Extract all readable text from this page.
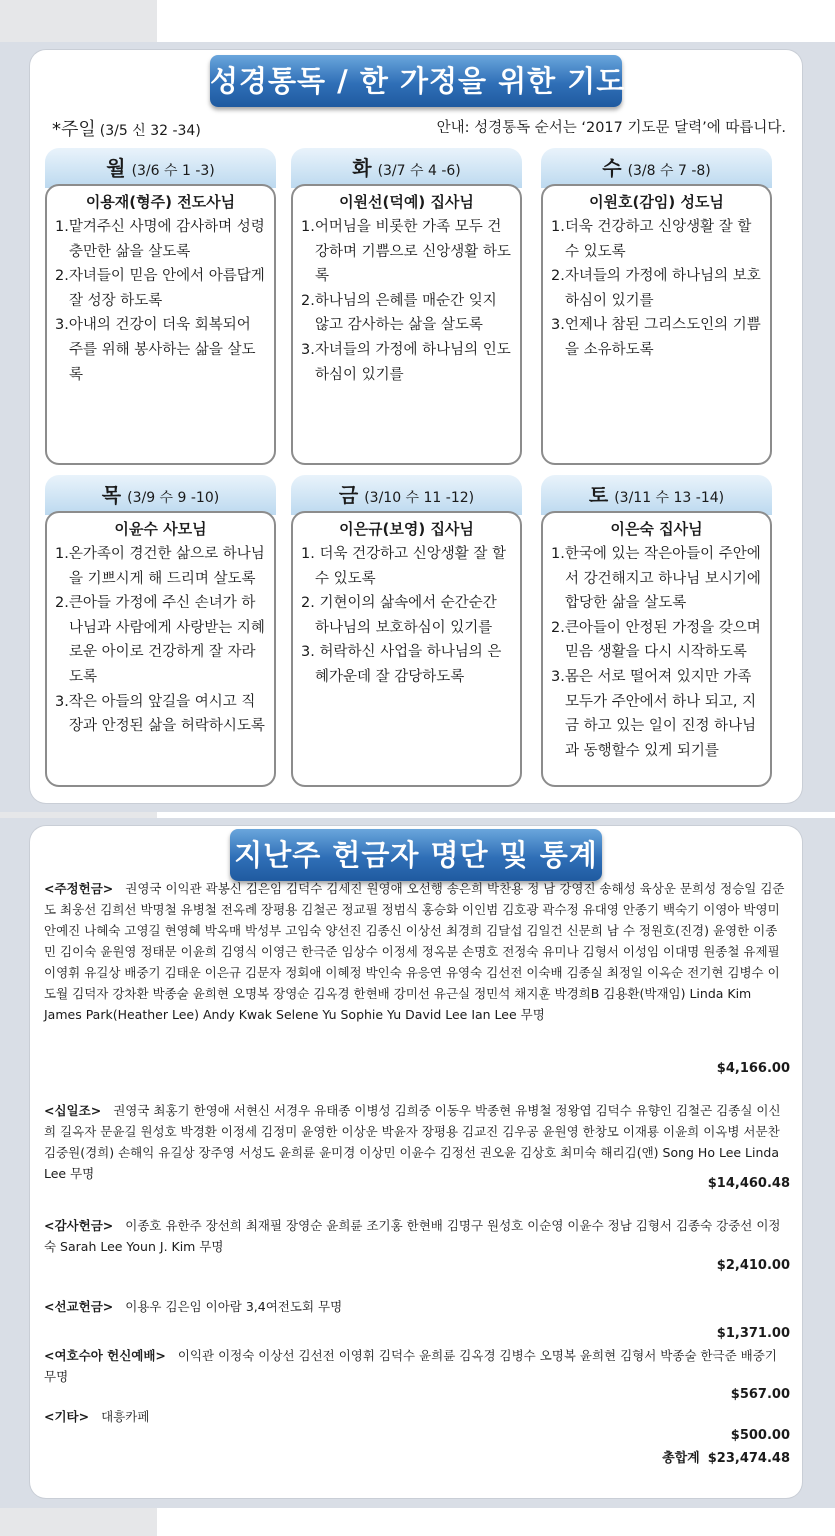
성경통독 / 한 가정을 위한 기도
*주일 (3/5 신 32 -34)	안내: 성경통독 순서는 ‘2017 기도문 달력’에 따릅니다.
월 (3/6 수 1 -3)
이용재(형주) 전도사님
1.맡겨주신 사명에 감사하며 성령 충만한 삶을 살도록
2.자녀들이 믿음 안에서 아름답게 잘 성장 하도록
3.아내의 건강이 더욱 회복되어 주를 위해 봉사하는 삶을 살도록
화 (3/7 수 4 -6)
이원선(덕예) 집사님
1.어머님을 비롯한 가족 모두 건강하며 기쁨으로 신앙생활 하도록
2.하나님의 은혜를 매순간 잊지 않고 감사하는 삶을 살도록
3.자녀들의 가정에 하나님의 인도하심이 있기를
수 (3/8 수 7 -8)
이원호(감임) 성도님
1.더욱 건강하고 신앙생활 잘 할 수 있도록
2.자녀들의 가정에 하나님의 보호하심이 있기를
3.언제나 참된 그리스도인의 기쁨을 소유하도록
목 (3/9 수 9 -10)
이윤수 사모님
1.온가족이 경건한 삶으로 하나님을 기쁘시게 해 드리며 살도록
2.큰아들 가정에 주신 손녀가 하나님과 사람에게 사랑받는 지혜로운 아이로 건강하게 잘 자라도록
3.작은 아들의 앞길을 여시고 직장과 안정된 삶을 허락하시도록
금 (3/10 수 11 -12)
이은규(보영) 집사님
1. 더욱 건강하고 신앙생활 잘 할 수 있도록
2. 기현이의 삶속에서 순간순간 하나님의 보호하심이 있기를
3. 허락하신 사업을 하나님의 은혜가운데 잘 감당하도록
토 (3/11 수 13 -14)
이은숙 집사님
1.한국에 있는 작은아들이 주안에서 강건해지고 하나님 보시기에 합당한 삶을 살도록
2.큰아들이 안정된 가정을 갖으며 믿음 생활을 다시 시작하도록
3.몸은 서로 떨어져 있지만 가족모두가 주안에서 하나 되고, 지금 하고 있는 일이 진정 하나님과 동행할수 있게 되기를
지난주 헌금자 명단 및 통계
<주정헌금> 권영국 이익관 곽봉신 김은임 김덕수 김세진 원영애 오선행 송은희 박찬용 정 남 강영진 송해성 육상운 문희성 정승일 김준도 최웅선 김희선 박명철 유병철 전옥례 장평용 김철곤 정교필 정범식 홍승화 이인범 김호광 곽수정 유대영 안종기 백숙기 이영아 박영미 안예진 나혜숙 고영길 현영혜 박옥매 박성부 고임숙 양선진 김종신 이상선 최경희 김달섭 김일건 신문희 남 수 정원호(진경) 윤영한 이종민 김이숙 윤원영 정태문 이윤희 김영식 이영근 한극준 임상수 이정세 정옥분 손명호 전정숙 유미나 김형서 이성임 이대명 원종철 유제필 이영휘 유길상 배중기 김태운 이은규 김문자 정회애 이혜정 박인숙 유응연 유영숙 김선전 이숙배 김종실 최정일 이옥순 전기현 김병수 이도월 김덕자 강차환 박종술 윤희현 오명복 장영순 김옥경 한현배 강미선 유근실 정민석 채지훈 박경희B 김용환(박재임) Linda Kim James Park(Heather Lee) Andy Kwak Selene Yu Sophie Yu David Lee Ian Lee 무명
$4,166.00
<십일조> 권영국 최홍기 한영애 서현신 서경우 유태종 이병성 김희중 이동우 박종현 유병철 정왕엽 김덕수 유향인 김철곤 김종실 이신희 길옥자 문윤길 원성호 박경환 이정세 김정미 윤영한 이상운 박윤자 장평용 김교진 김우공 윤원영 한창모 이재룡 이윤희 이옥병 서문찬 김중원(경희) 손해익 유길상 장주영 서성도 윤희륜 윤미경 이상민 이윤수 김정선 권오윤 김상호 최미숙 해리김(앤) Song Ho Lee Linda Lee 무명
$14,460.48
<감사헌금> 이종호 유한주 장선희 최재필 장영순 윤희륜 조기홍 한현배 김명구 원성호 이순영 이윤수 정남 김형서 김종숙 강중선 이정숙 Sarah Lee Youn J. Kim 무명
$2,410.00
<선교헌금> 이용우 김은임 이아람 3,4여전도회 무명
$1,371.00
<여호수아 헌신예배> 이익관 이정숙 이상선 김선전 이영휘 김덕수 윤희륜 김옥경 김병수 오명복 윤희현 김형서 박종술 한극준 배중기 무명
$567.00
<기타> 대흥카페
$500.00
총합계 $23,474.48
